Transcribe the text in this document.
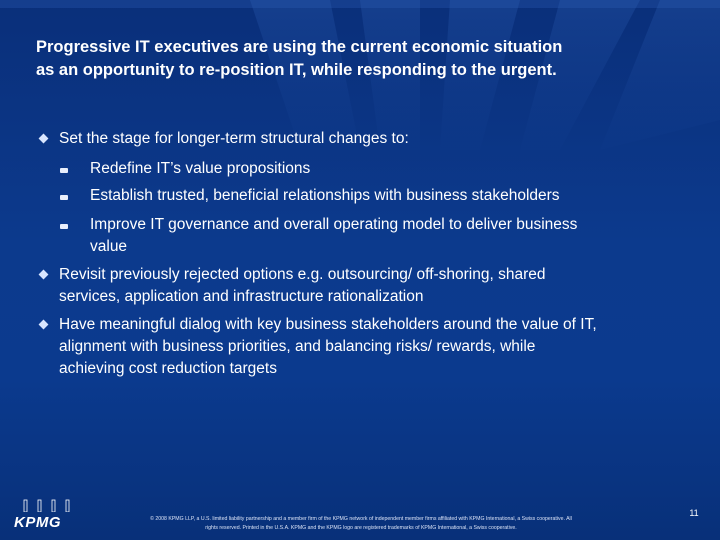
Progressive IT executives are using the current economic situation
as an opportunity to re-position IT, while responding to the urgent.
Set the stage for longer-term structural changes to:
Redefine IT’s value propositions
Establish trusted, beneficial relationships with business stakeholders
Improve IT governance and overall operating model to deliver business
value
Revisit previously rejected options e.g. outsourcing/ off-shoring, shared
services, application and infrastructure rationalization
Have meaningful dialog with key business stakeholders around the value of IT,
alignment with business priorities, and balancing risks/ rewards, while
achieving cost reduction targets
KPMG	© 2008 KPMG LLP, a U.S. limited liability partnership and a member firm of the KPMG network of independent member firms affiliated with KPMG International, a Swiss cooperative. All
rights reserved. Printed in the U.S.A. KPMG and the KPMG logo are registered trademarks of KPMG International, a Swiss cooperative.
11
